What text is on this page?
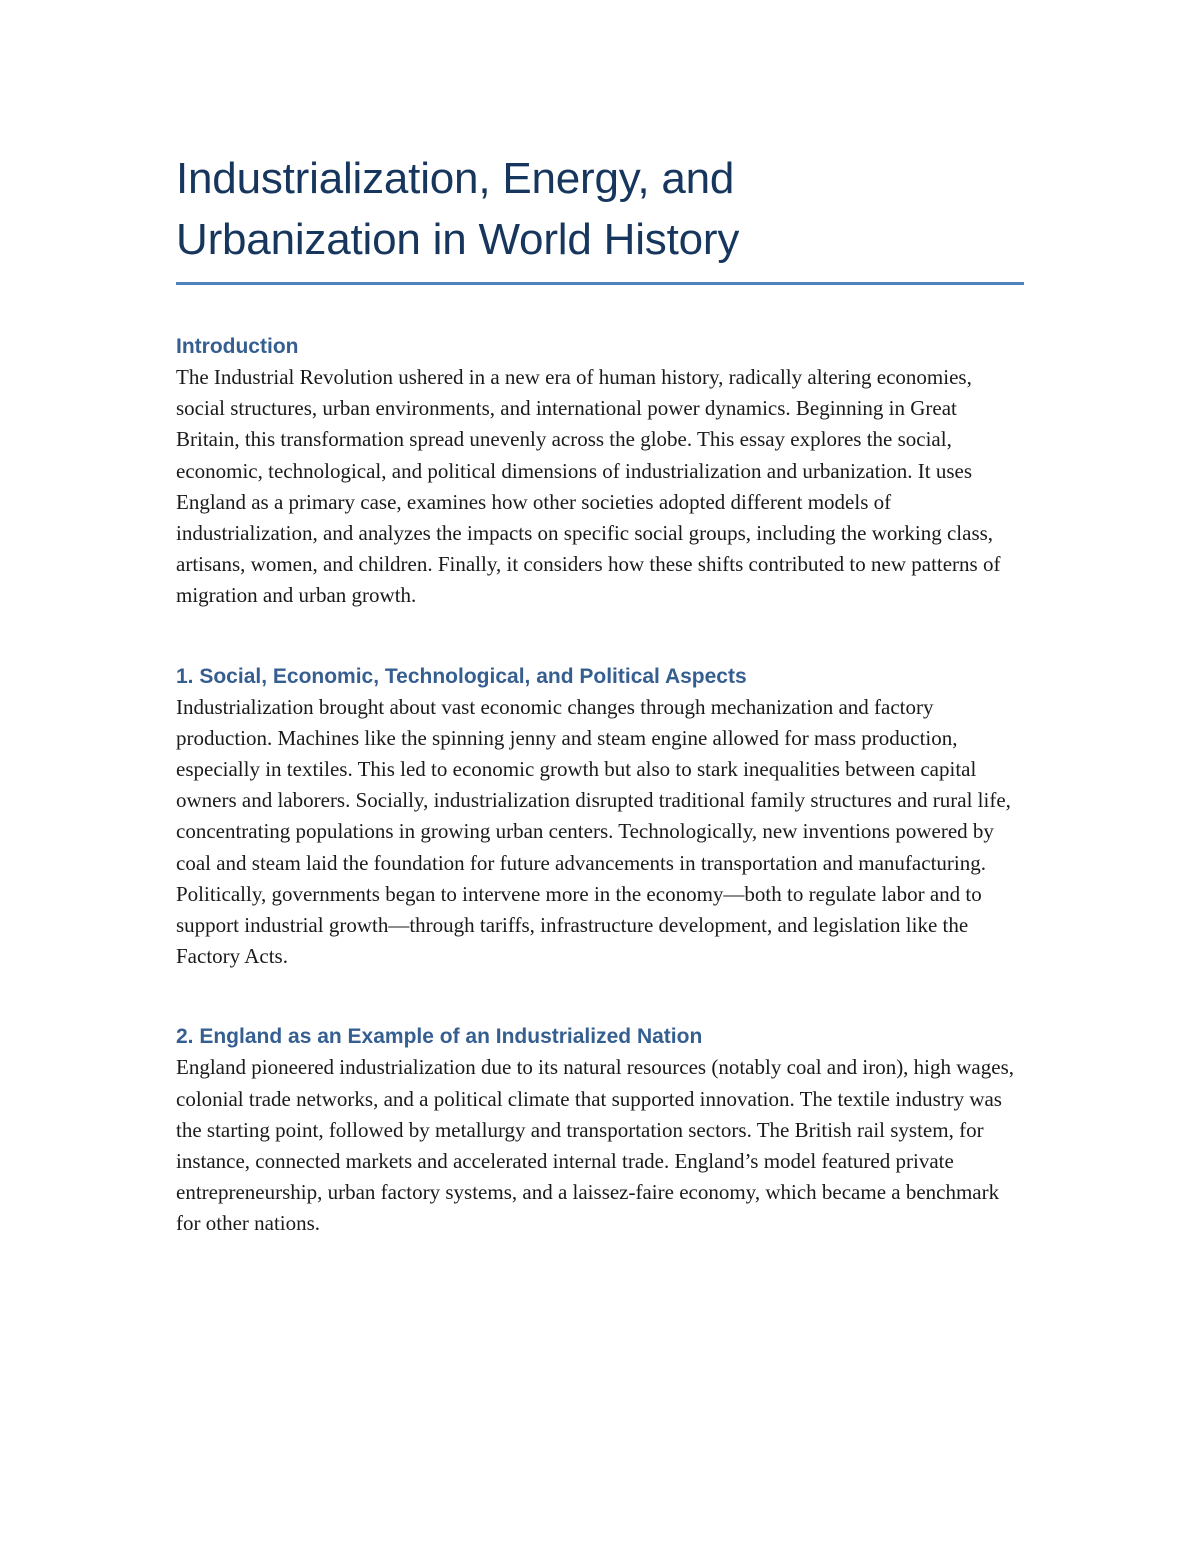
Industrialization, Energy, and
Urbanization in World History
Introduction

The Industrial Revolution ushered in a new era of human history, radically altering economies, social structures, urban environments, and international power dynamics. Beginning in Great Britain, this transformation spread unevenly across the globe. This essay explores the social, economic, technological, and political dimensions of industrialization and urbanization. It uses England as a primary case, examines how other societies adopted different models of industrialization, and analyzes the impacts on specific social groups, including the working class, artisans, women, and children. Finally, it considers how these shifts contributed to new patterns of migration and urban growth.

1. Social, Economic, Technological, and Political Aspects

Industrialization brought about vast economic changes through mechanization and factory production. Machines like the spinning jenny and steam engine allowed for mass production, especially in textiles. This led to economic growth but also to stark inequalities between capital owners and laborers. Socially, industrialization disrupted traditional family structures and rural life, concentrating populations in growing urban centers. Technologically, new inventions powered by coal and steam laid the foundation for future advancements in transportation and manufacturing. Politically, governments began to intervene more in the economy—both to regulate labor and to support industrial growth—through tariffs, infrastructure development, and legislation like the Factory Acts.

2. England as an Example of an Industrialized Nation

England pioneered industrialization due to its natural resources (notably coal and iron), high wages, colonial trade networks, and a political climate that supported innovation. The textile industry was the starting point, followed by metallurgy and transportation sectors. The British rail system, for instance, connected markets and accelerated internal trade. England’s model featured private entrepreneurship, urban factory systems, and a laissez-faire economy, which became a benchmark for other nations.
